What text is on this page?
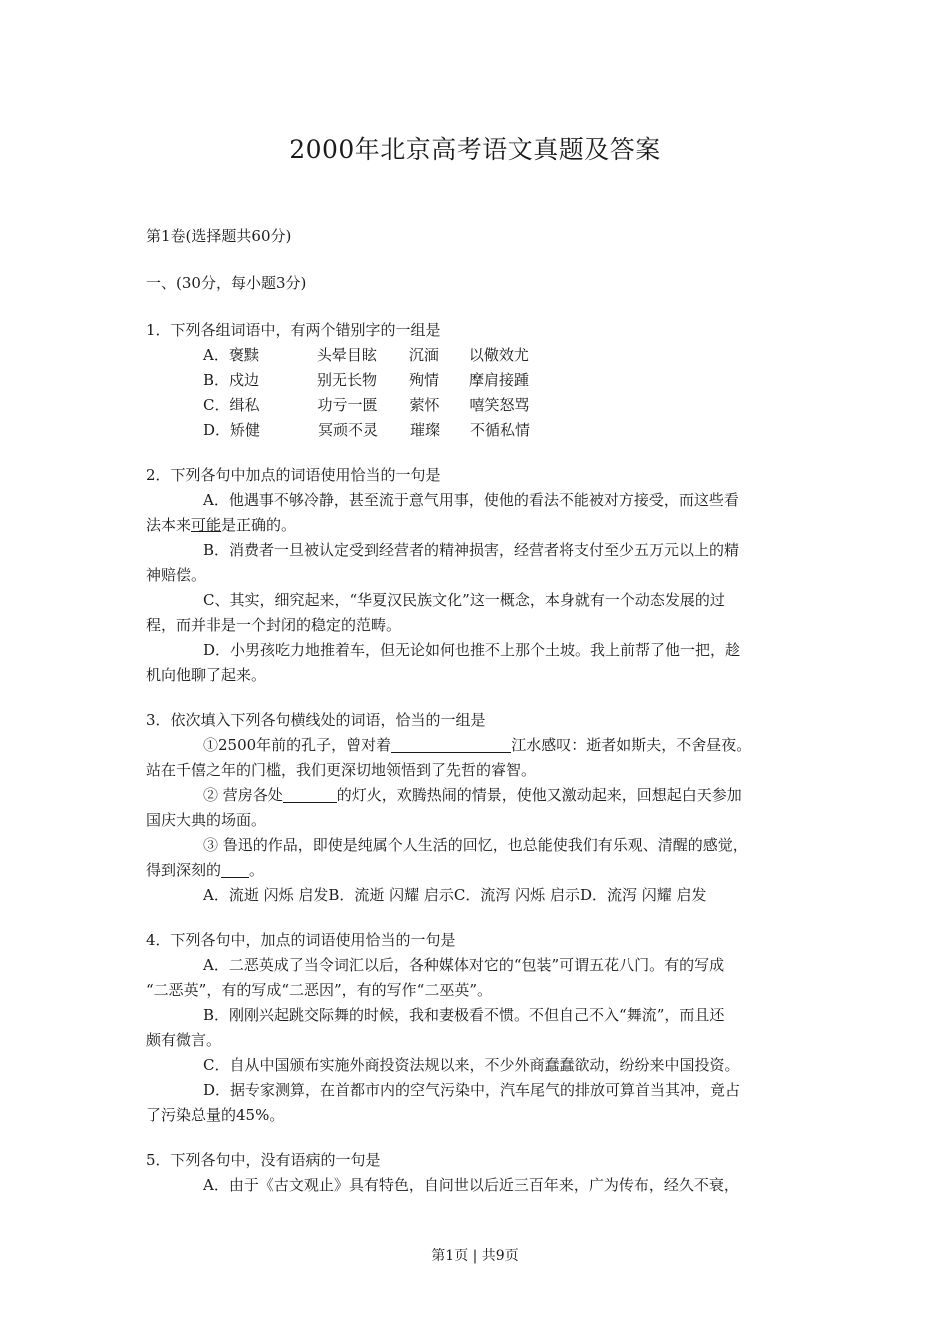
2000年北京高考语文真题及答案
第1卷(选择题共60分)
一、(30分，每小题3分)
1．下列各组词语中，有两个错别字的一组是
A．褒黩	头晕目眩 沉湎 以儆效尤
B．戍边	别无长物 殉情 摩肩接踵
C．缉私	功亏一匮 萦怀 嘻笑怒骂
D．矫健	冥顽不灵 璀璨 不循私情
2．下列各句中加点的词语使用恰当的一句是
A．他遇事不够冷静，甚至流于意气用事，使他的看法不能被对方接受，而这些看
法本来可能是正确的。
B．消费者一旦被认定受到经营者的精神损害，经营者将支付至少五万元以上的精
神赔偿。
C、其实，细究起来，“华夏汉民族文化”这一概念，本身就有一个动态发展的过
程，而并非是一个封闭的稳定的范畴。
D．小男孩吃力地推着车，但无论如何也推不上那个土坡。我上前帮了他一把，趁
机向他聊了起来。
3．依次填入下列各句横线处的词语，恰当的一组是
①2500年前的孔子，曾对着	江水感叹：逝者如斯夫，不舍昼夜。
站在千僖之年的门槛，我们更深切地领悟到了先哲的睿智。
② 营房各处	的灯火，欢腾热闹的情景，使他又激动起来，回想起白天参加
国庆大典的场面。
③ 鲁迅的作品，即使是纯属个人生活的回忆，也总能使我们有乐观、清醒的感觉，
得到深刻的 。
A．流逝 闪烁 启发B．流逝 闪耀 启示C．流泻 闪烁 启示D．流泻 闪耀 启发
4．下列各句中，加点的词语使用恰当的一句是
A．二恶英成了当令词汇以后，各种媒体对它的“包装”可谓五花八门。有的写成
“二恶英”，有的写成“二恶因”，有的写作“二巫英”。
B．刚刚兴起跳交际舞的时候，我和妻极看不惯。不但自己不入“舞流”，而且还
颇有微言。
C．自从中国颁布实施外商投资法规以来，不少外商蠢蠢欲动，纷纷来中国投资。
D．据专家测算，在首都市内的空气污染中，汽车尾气的排放可算首当其冲，竟占
了污染总量的45%。
5．下列各句中，没有语病的一句是
A．由于《古文观止》具有特色，自问世以后近三百年来，广为传布，经久不衰，
第1页 | 共9页
